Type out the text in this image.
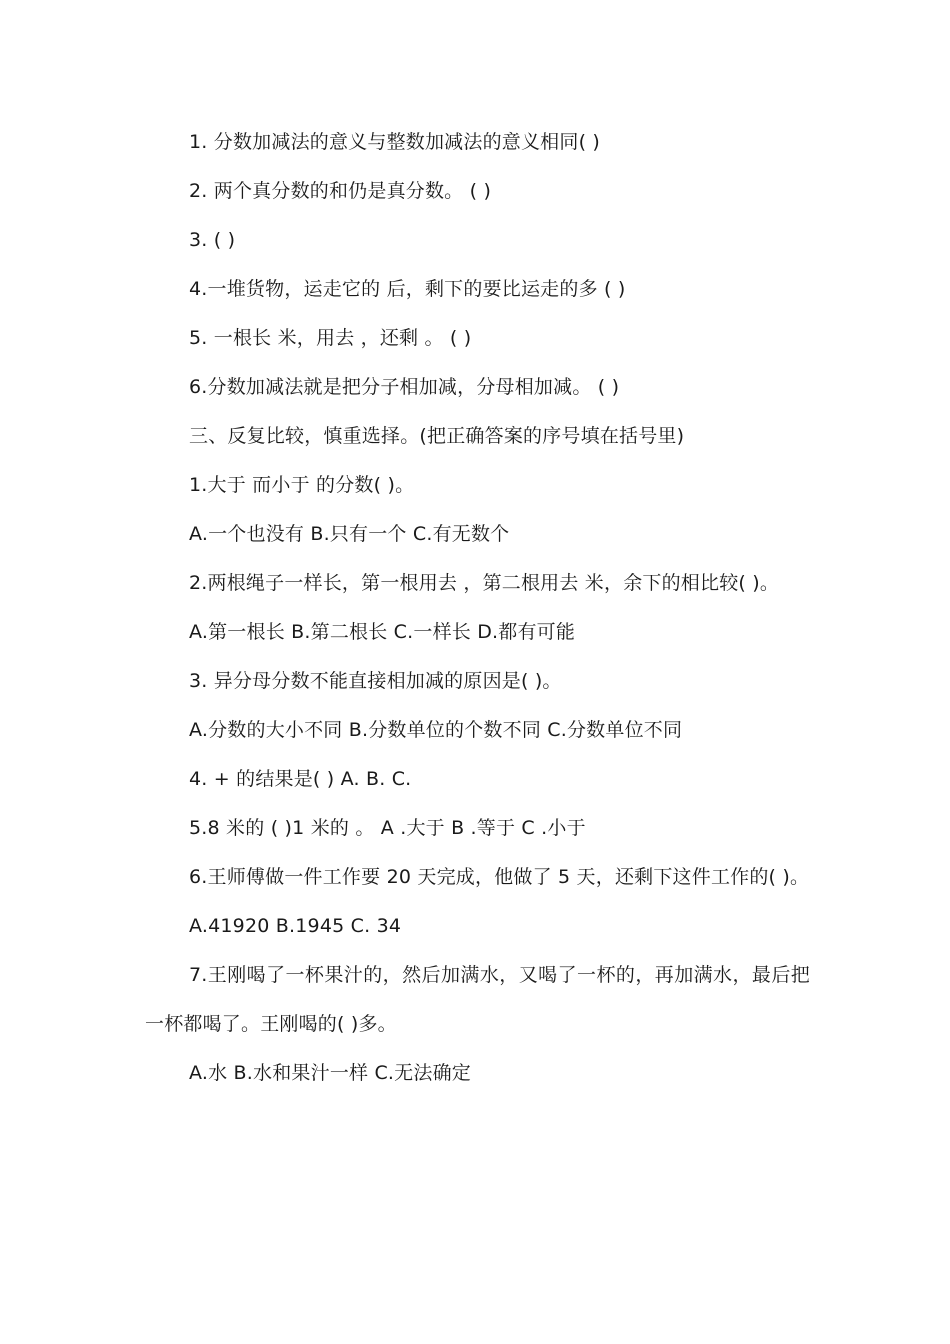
1. 分数加减法的意义与整数加减法的意义相同( )
2. 两个真分数的和仍是真分数。 ( )
3. ( )
4.一堆货物，运走它的 后，剩下的要比运走的多 ( )
5. 一根长 米，用去 ，还剩 。 ( )
6.分数加减法就是把分子相加减，分母相加减。 ( )
三、反复比较，慎重选择。(把正确答案的序号填在括号里)
1.大于 而小于 的分数( )。
A.一个也没有 B.只有一个 C.有无数个
2.两根绳子一样长，第一根用去 ，第二根用去 米，余下的相比较( )。
A.第一根长 B.第二根长 C.一样长 D.都有可能
3. 异分母分数不能直接相加减的原因是( )。
A.分数的大小不同 B.分数单位的个数不同 C.分数单位不同
4. + 的结果是( ) A. B. C.
5.8 米的 ( )1 米的 。 A .大于 B .等于 C .小于
6.王师傅做一件工作要 20 天完成，他做了 5 天，还剩下这件工作的( )。
A.41920 B.1945 C. 34
7.王刚喝了一杯果汁的，然后加满水，又喝了一杯的，再加满水，最后把一杯都喝了。王刚喝的( )多。
A.水 B.水和果汁一样 C.无法确定
